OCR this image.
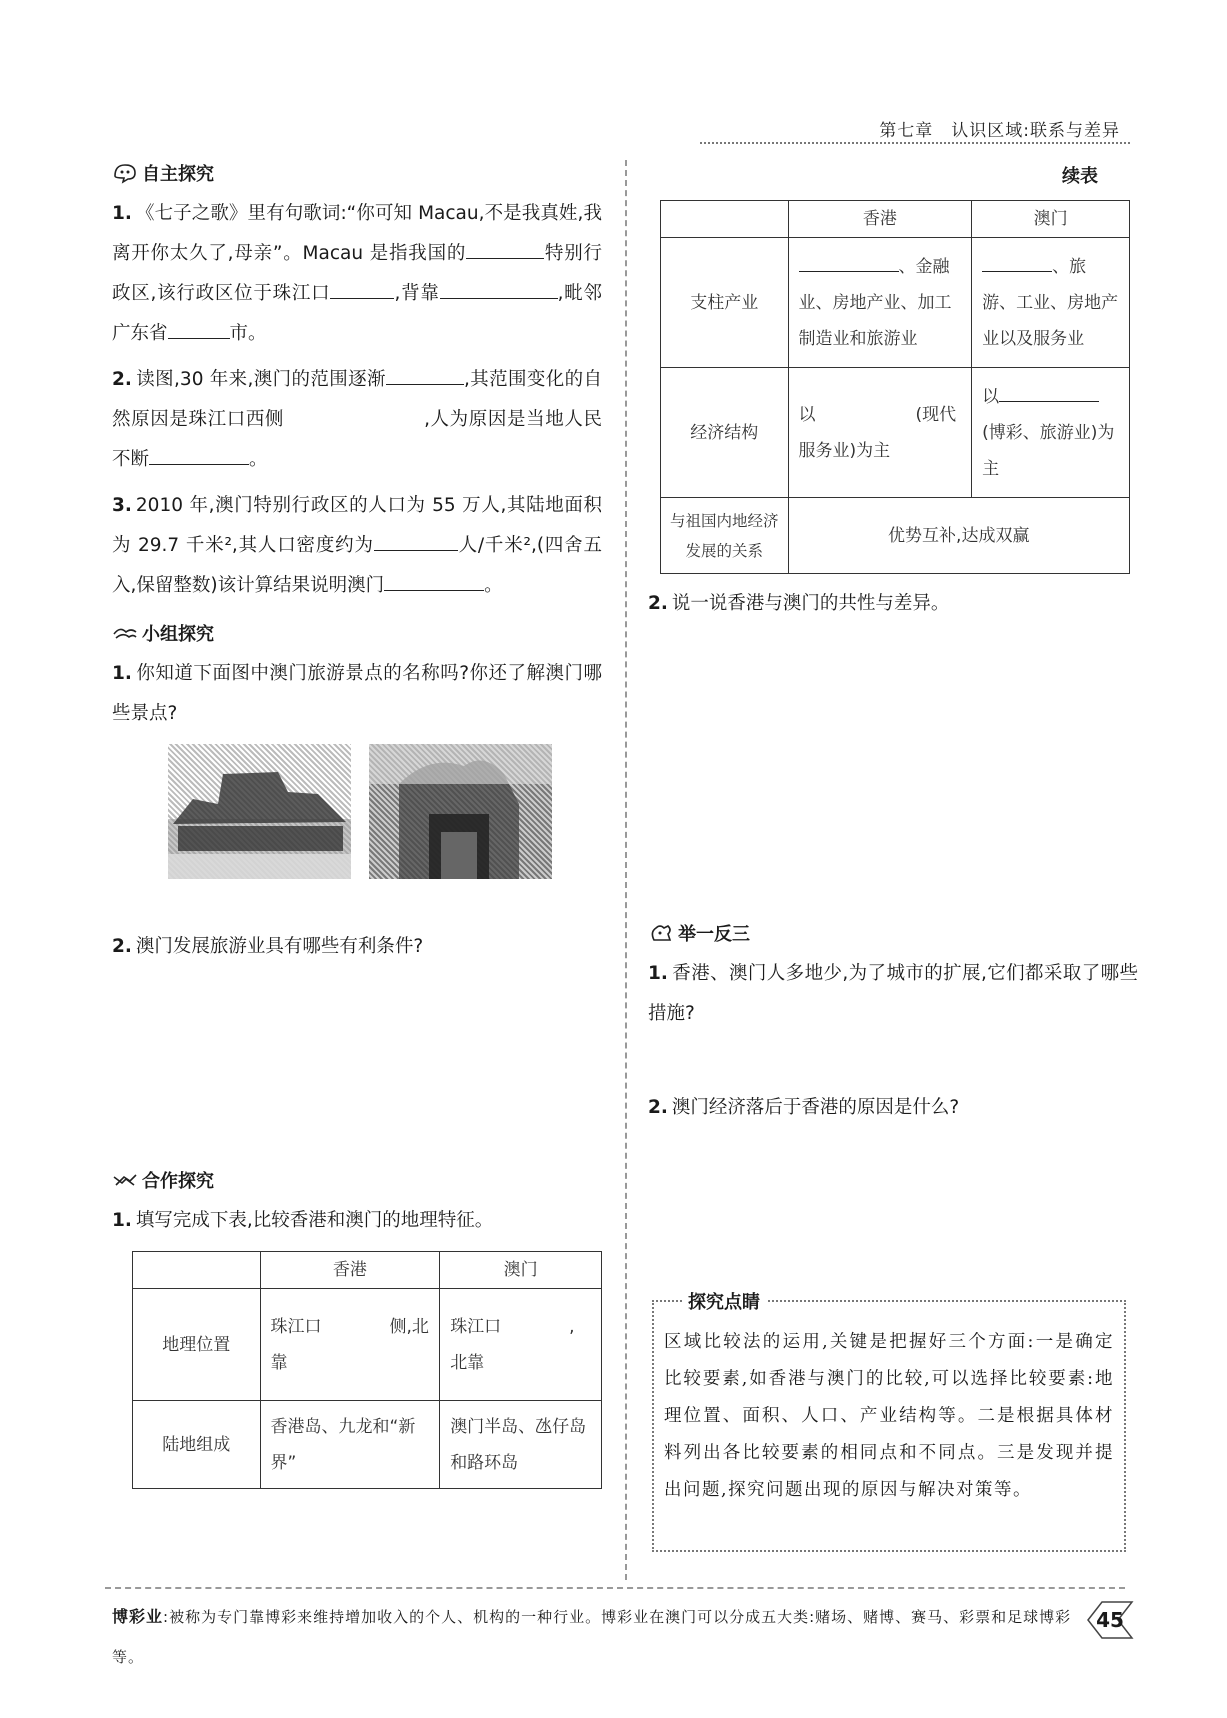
第七章　认识区域:联系与差异
自主探究
1. 《七子之歌》里有句歌词:“你可知 Macau,不是我真姓,我离开你太久了,母亲”。Macau 是指我国的	特别行政区,该行政区位于珠江口	,背靠	,毗邻广东省	市。
2. 读图,30 年来,澳门的范围逐渐	,其范围变化的自然原因是珠江口西侧	,人为原因是当地人民不断	。
3. 2010 年,澳门特别行政区的人口为 55 万人,其陆地面积为 29.7 千米²,其人口密度约为	人/千米²,(四舍五入,保留整数)该计算结果说明澳门	。
小组探究
1. 你知道下面图中澳门旅游景点的名称吗?你还了解澳门哪些景点?
2. 澳门发展旅游业具有哪些有利条件?
合作探究
1. 填写完成下表,比较香港和澳门的地理特征。
	香港	澳门
地理位置	珠江口　　　　侧,北靠	珠江口　　　　,北靠
陆地组成	香港岛、九龙和“新界”	澳门半岛、氹仔岛和路环岛
续表
	香港	澳门
支柱产业	、金融业、房地产业、加工制造业和旅游业	、旅游、工业、房地产业以及服务业
经济结构	以 (现代服务业)为主	以(博彩、旅游业)为主
与祖国内地经济发展的关系	优势互补,达成双赢	
2. 说一说香港与澳门的共性与差异。
举一反三
1. 香港、澳门人多地少,为了城市的扩展,它们都采取了哪些措施?
2. 澳门经济落后于香港的原因是什么?
探究点睛
区域比较法的运用,关键是把握好三个方面:一是确定比较要素,如香港与澳门的比较,可以选择比较要素:地理位置、面积、人口、产业结构等。二是根据具体材料列出各比较要素的相同点和不同点。三是发现并提出问题,探究问题出现的原因与解决对策等。
博彩业:被称为专门靠博彩来维持增加收入的个人、机构的一种行业。博彩业在澳门可以分成五大类:赌场、赌博、赛马、彩票和足球博彩等。
45
